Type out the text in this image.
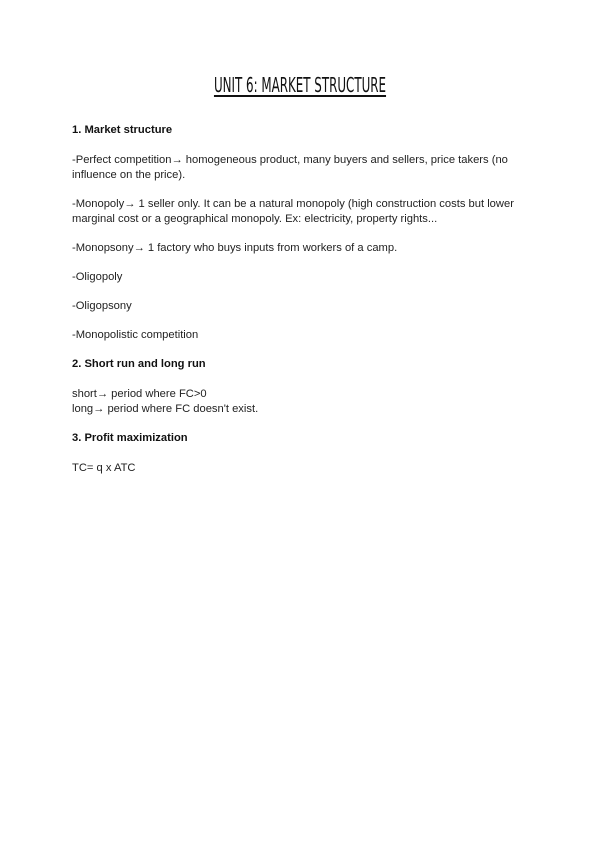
UNIT 6: MARKET STRUCTURE

1. Market structure

-Perfect competition→ homogeneous product, many buyers and sellers, price takers (no influence on the price).

-Monopoly→ 1 seller only. It can be a natural monopoly (high construction costs but lower marginal cost or a geographical monopoly. Ex: electricity, property rights...

-Monopsony→ 1 factory who buys inputs from workers of a camp.

-Oligopoly

-Oligopsony

-Monopolistic competition

2. Short run and long run

short→ period where FC>0

long→ period where FC doesn't exist.

3. Profit maximization

TC= q x ATC
